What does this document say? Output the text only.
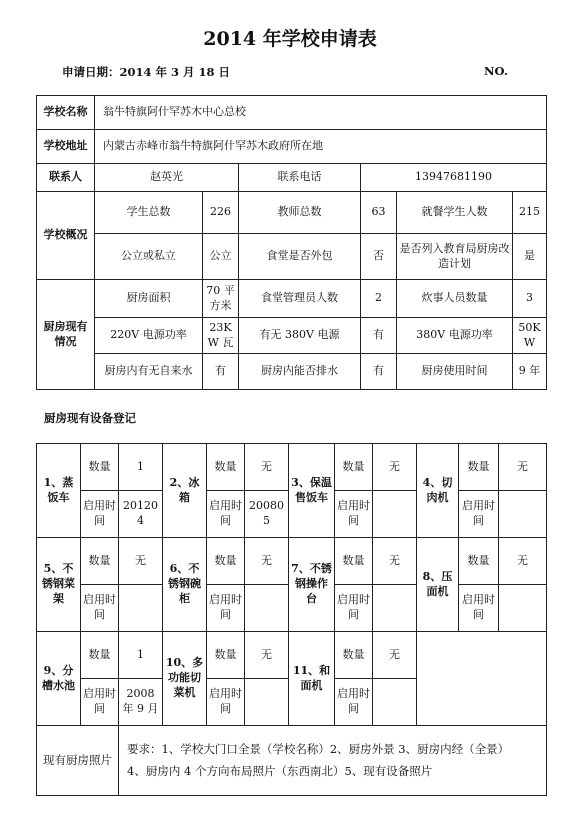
2014 年学校申请表
申请日期：2014 年 3 月 18 日	NO.
学校名称	翁牛特旗阿什罕苏木中心总校					
学校地址	内蒙古赤峰市翁牛特旗阿什罕苏木政府所在地					
联系人	赵英光		联系电话	13947681190		
学校概况	学生总数	226	教师总数	63	就餐学生人数	215
	公立或私立	公立	食堂是否外包	否	是否列入教育局厨房改造计划	是
厨房现有情况	厨房面积	70 平方米	食堂管理员人数	2	炊事人员数量	3
	220V 电源功率	23KW 瓦	有无 380V 电源	有	380V 电源功率	50KW
	厨房内有无自来水	有	厨房内能否排水	有	厨房使用时间	9 年
厨房现有设备登记
1、蒸饭车	数量	1	2、冰箱	数量	无	3、保温售饭车	数量	无	4、切肉机	数量	无
	启用时间	201204		启用时间	200805		启用时间			启用时间	
5、不锈钢菜架	数量	无	6、不锈钢碗柜	数量	无	7、不锈钢操作台	数量	无	8、压面机	数量	无
	启用时间			启用时间			启用时间			启用时间	
9、分槽水池	数量	1	10、多功能切菜机	数量	无	11、和面机	数量	无			
	启用时间	2008 年 9 月		启用时间			启用时间				
现有厨房照片		要求：1、学校大门口全景（学校名称）2、厨房外景 3、厨房内经（全景）
4、厨房内 4 个方向布局照片（东西南北）5、现有设备照片									
